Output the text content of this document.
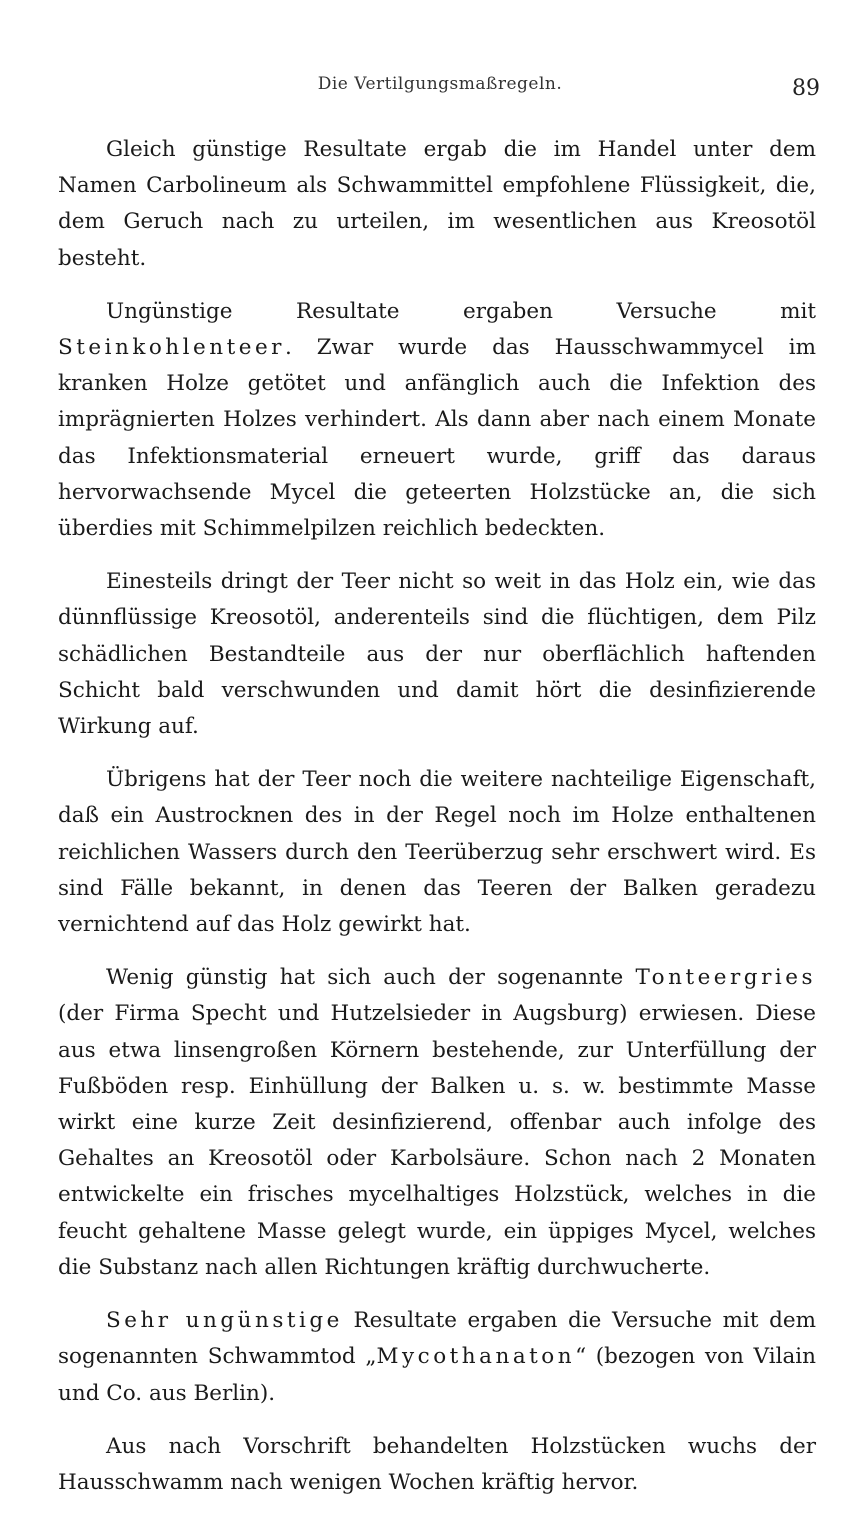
Die Vertilgungsmaßregeln.	89

Gleich günstige Resultate ergab die im Handel unter dem Namen Carbolineum als Schwammittel empfohlene Flüssigkeit, die, dem Geruch nach zu urteilen, im wesentlichen aus Kreosotöl besteht.

Ungünstige Resultate ergaben Versuche mit Steinkohlenteer. Zwar wurde das Hausschwammycel im kranken Holze getötet und anfänglich auch die Infektion des imprägnierten Holzes verhindert. Als dann aber nach einem Monate das Infektionsmaterial erneuert wurde, griff das daraus hervorwachsende Mycel die geteerten Holzstücke an, die sich überdies mit Schimmelpilzen reichlich bedeckten.

Einesteils dringt der Teer nicht so weit in das Holz ein, wie das dünnflüssige Kreosotöl, anderenteils sind die flüchtigen, dem Pilz schädlichen Bestandteile aus der nur oberflächlich haftenden Schicht bald verschwunden und damit hört die desinfizierende Wirkung auf.

Übrigens hat der Teer noch die weitere nachteilige Eigenschaft, daß ein Austrocknen des in der Regel noch im Holze enthaltenen reichlichen Wassers durch den Teerüberzug sehr erschwert wird. Es sind Fälle bekannt, in denen das Teeren der Balken geradezu vernichtend auf das Holz gewirkt hat.

Wenig günstig hat sich auch der sogenannte Tonteergries (der Firma Specht und Hutzelsieder in Augsburg) erwiesen. Diese aus etwa linsengroßen Körnern bestehende, zur Unterfüllung der Fußböden resp. Einhüllung der Balken u. s. w. bestimmte Masse wirkt eine kurze Zeit desinfizierend, offenbar auch infolge des Gehaltes an Kreosotöl oder Karbolsäure. Schon nach 2 Monaten entwickelte ein frisches mycelhaltiges Holzstück, welches in die feucht gehaltene Masse gelegt wurde, ein üppiges Mycel, welches die Substanz nach allen Richtungen kräftig durchwucherte.

Sehr ungünstige Resultate ergaben die Versuche mit dem sogenannten Schwammtod „Mycothanaton“ (bezogen von Vilain und Co. aus Berlin).

Aus nach Vorschrift behandelten Holzstücken wuchs der Hausschwamm nach wenigen Wochen kräftig hervor.
